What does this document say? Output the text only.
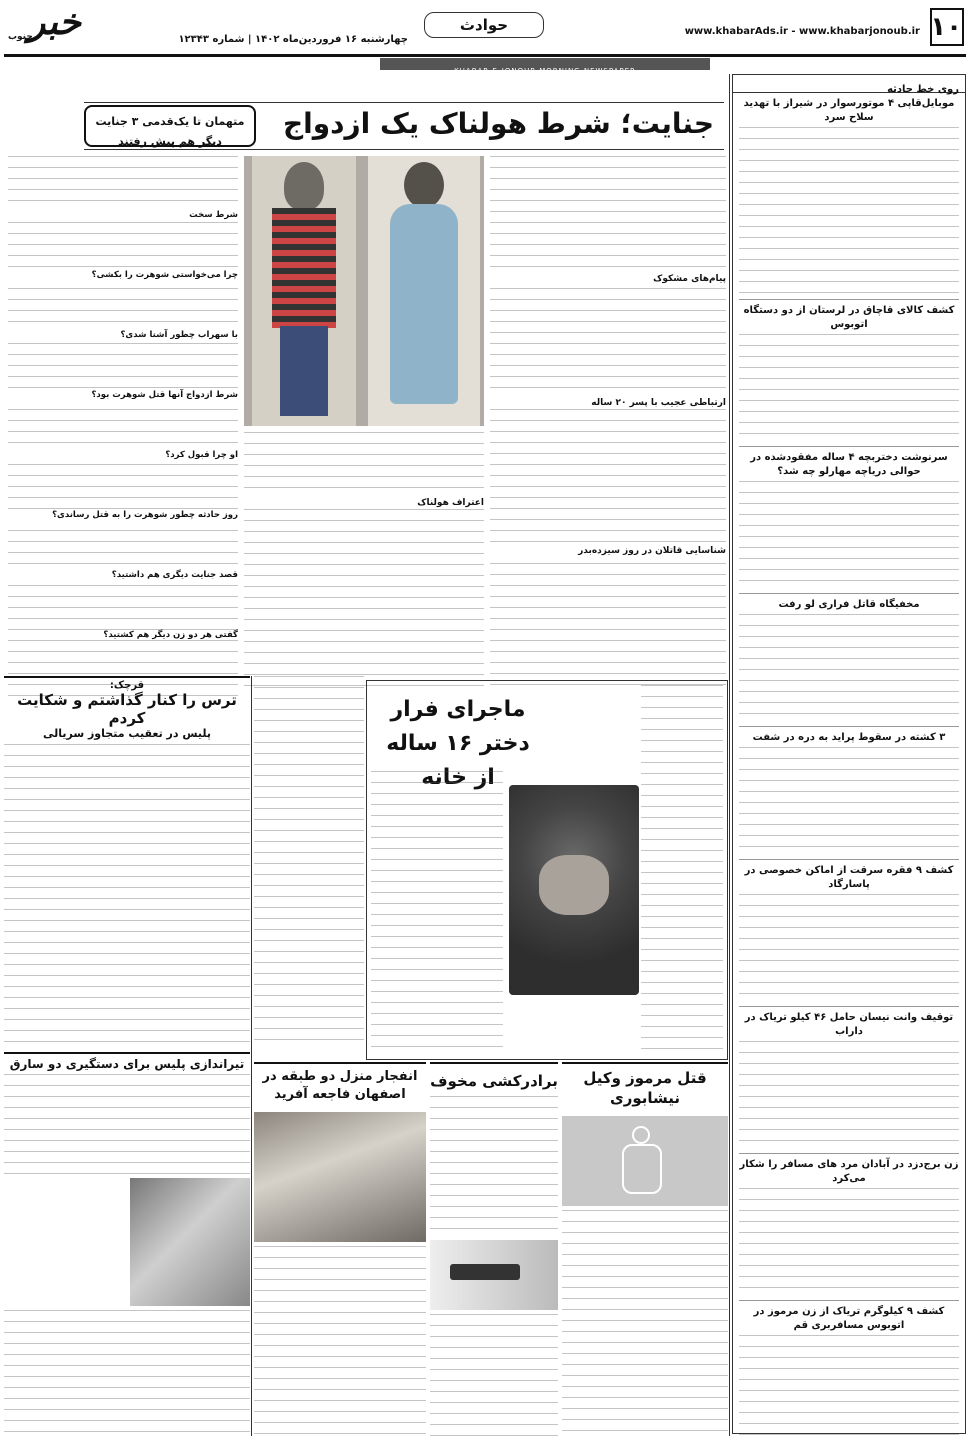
۱۰
www.khabarAds.ir - www.khabarjonoub.ir
حوادث
چهارشنبه ۱۶ فروردین‌ماه ۱۴۰۲ | شماره ۱۲۳۴۳
خبر
جنوب
KHABAR-E-JONOUB MORNING NEWSPAPER
روی خط حادثه
موبایل‌قاپی ۴ موتورسوار در شیراز با تهدید سلاح سرد
کشف کالای قاچاق در لرستان از دو دستگاه اتوبوس
سرنوشت دختربچه ۴ ساله مفقودشده در حوالی دریاچه مهارلو چه شد؟
مخفیگاه قاتل فراری لو رفت
۳ کشته در سقوط پراید به دره در شفت
کشف ۹ فقره سرقت از اماکن خصوصی در پاسارگاد
توقیف وانت نیسان حامل ۴۶ کیلو تریاک در داراب
زن برج‌دزد در آبادان مرد های مسافر را شکار می‌کرد
کشف ۹ کیلوگرم تریاک از زن مرموز در اتوبوس مسافربری قم
جنایت؛ شرط هولناک یک ازدواج
متهمان تا یک‌قدمی ۳ جنایت دیگر هم پیش رفتند
پیام‌های مشکوک
ارتباطی عجیب با پسر ۲۰ ساله
شناسایی قاتلان در روز سیزده‌بدر
اعتراف هولناک
شرط سخت
چرا می‌خواستی شوهرت را بکشی؟
با سهراب چطور آشنا شدی؟
شرط ازدواج آنها قتل شوهرت بود؟
او چرا قبول کرد؟
روز حادثه چطور شوهرت را به قتل رساندی؟
قصد جنایت دیگری هم داشتید؟
گفتی هر دو زن دیگر هم کشتید؟
قرچک:
ترس را کنار گذاشتم و شکایت کردم
پلیس در تعقیب متجاوز سریالی
تیراندازی پلیس برای دستگیری دو سارق
ماجرای فرار دختر ۱۶ ساله از خانه
قتل مرموز وکیل نیشابوری
برادرکشی مخوف
انفجار منزل دو طبقه در اصفهان فاجعه آفرید
